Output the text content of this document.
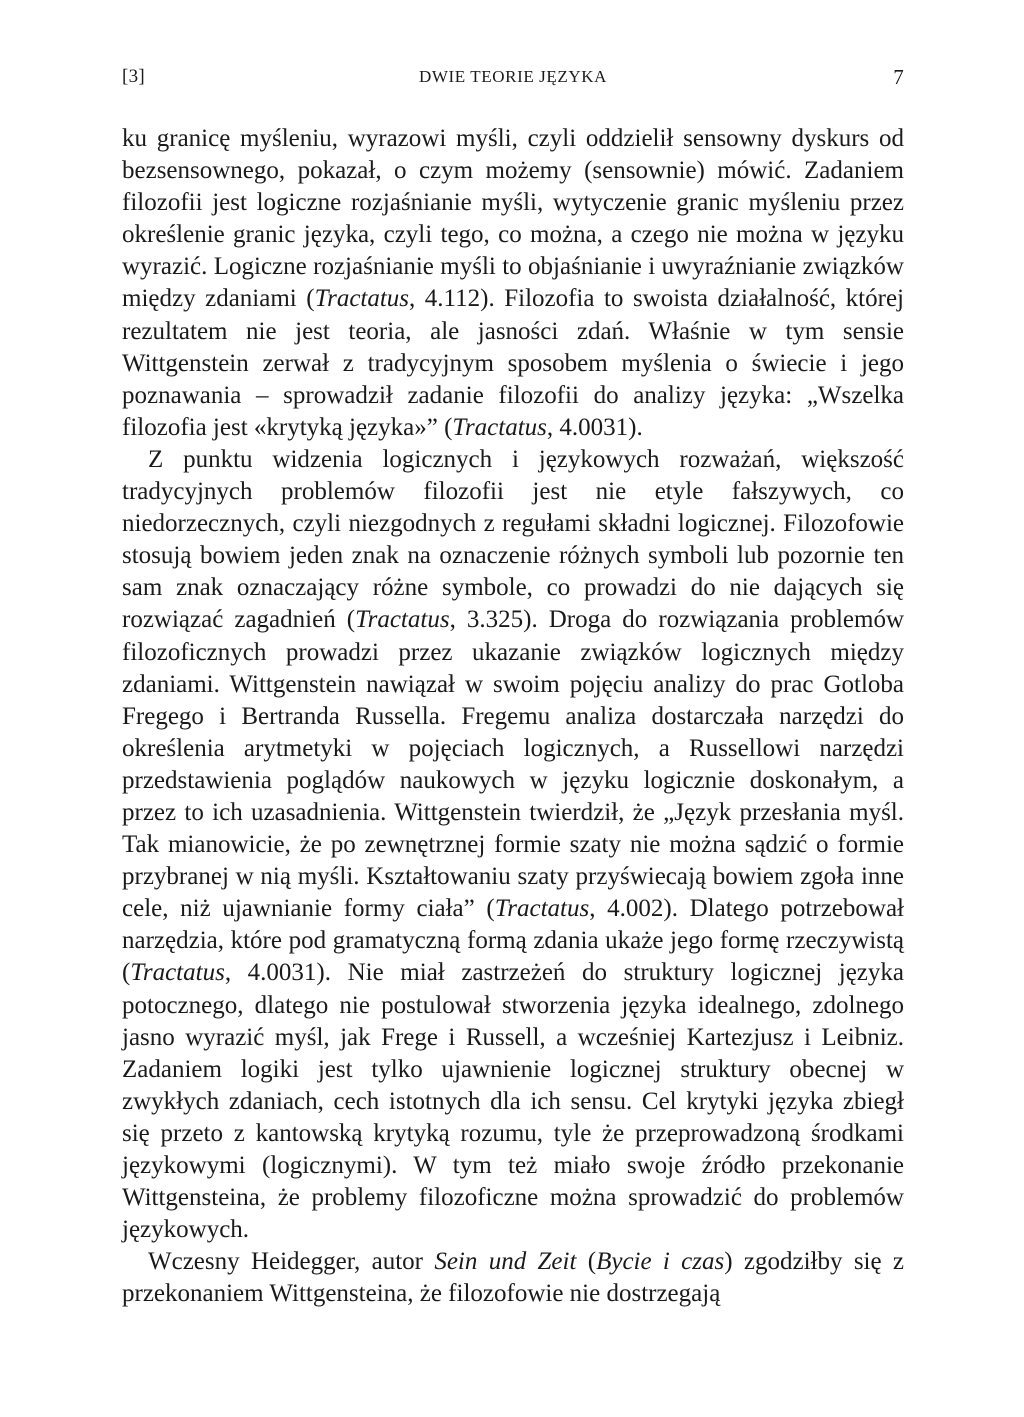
[3]	DWIE TEORIE JĘZYKA	7

ku granicę myśleniu, wyrazowi myśli, czyli oddzielił sensowny dyskurs od bezsensownego, pokazał, o czym możemy (sensownie) mówić. Zadaniem filozofii jest logiczne rozjaśnianie myśli, wytyczenie granic myśleniu przez określenie granic języka, czyli tego, co można, a czego nie można w języku wyrazić. Logiczne rozjaśnianie myśli to objaśnianie i uwyraźnianie związków między zdaniami (Tractatus, 4.112). Filozofia to swoista działalność, której rezultatem nie jest teoria, ale jasności zdań. Właśnie w tym sensie Wittgenstein zerwał z tradycyjnym sposobem myślenia o świecie i jego poznawania – sprowadził zadanie filozofii do analizy języka: „Wszelka filozofia jest «krytyką języka»” (Tractatus, 4.0031).

Z punktu widzenia logicznych i językowych rozważań, większość tradycyjnych problemów filozofii jest nie etyle fałszywych, co niedorzecznych, czyli niezgodnych z regułami składni logicznej. Filozofowie stosują bowiem jeden znak na oznaczenie różnych symboli lub pozornie ten sam znak oznaczający różne symbole, co prowadzi do nie dających się rozwiązać zagadnień (Tractatus, 3.325). Droga do rozwiązania problemów filozoficznych prowadzi przez ukazanie związków logicznych między zdaniami. Wittgenstein nawiązał w swoim pojęciu analizy do prac Gotloba Fregego i Bertranda Russella. Fregemu analiza dostarczała narzędzi do określenia arytmetyki w pojęciach logicznych, a Russellowi narzędzi przedstawienia poglądów naukowych w języku logicznie doskonałym, a przez to ich uzasadnienia. Wittgenstein twierdził, że „Język przesłania myśl. Tak mianowicie, że po zewnętrznej formie szaty nie można sądzić o formie przybranej w nią myśli. Kształtowaniu szaty przyświecają bowiem zgoła inne cele, niż ujawnianie formy ciała” (Tractatus, 4.002). Dlatego potrzebował narzędzia, które pod gramatyczną formą zdania ukaże jego formę rzeczywistą (Tractatus, 4.0031). Nie miał zastrzeżeń do struktury logicznej języka potocznego, dlatego nie postulował stworzenia języka idealnego, zdolnego jasno wyrazić myśl, jak Frege i Russell, a wcześniej Kartezjusz i Leibniz. Zadaniem logiki jest tylko ujawnienie logicznej struktury obecnej w zwykłych zdaniach, cech istotnych dla ich sensu. Cel krytyki języka zbiegł się przeto z kantowską krytyką rozumu, tyle że przeprowadzoną środkami językowymi (logicznymi). W tym też miało swoje źródło przekonanie Wittgensteina, że problemy filozoficzne można sprowadzić do problemów językowych.

Wczesny Heidegger, autor Sein und Zeit (Bycie i czas) zgodziłby się z przekonaniem Wittgensteina, że filozofowie nie dostrzegają
